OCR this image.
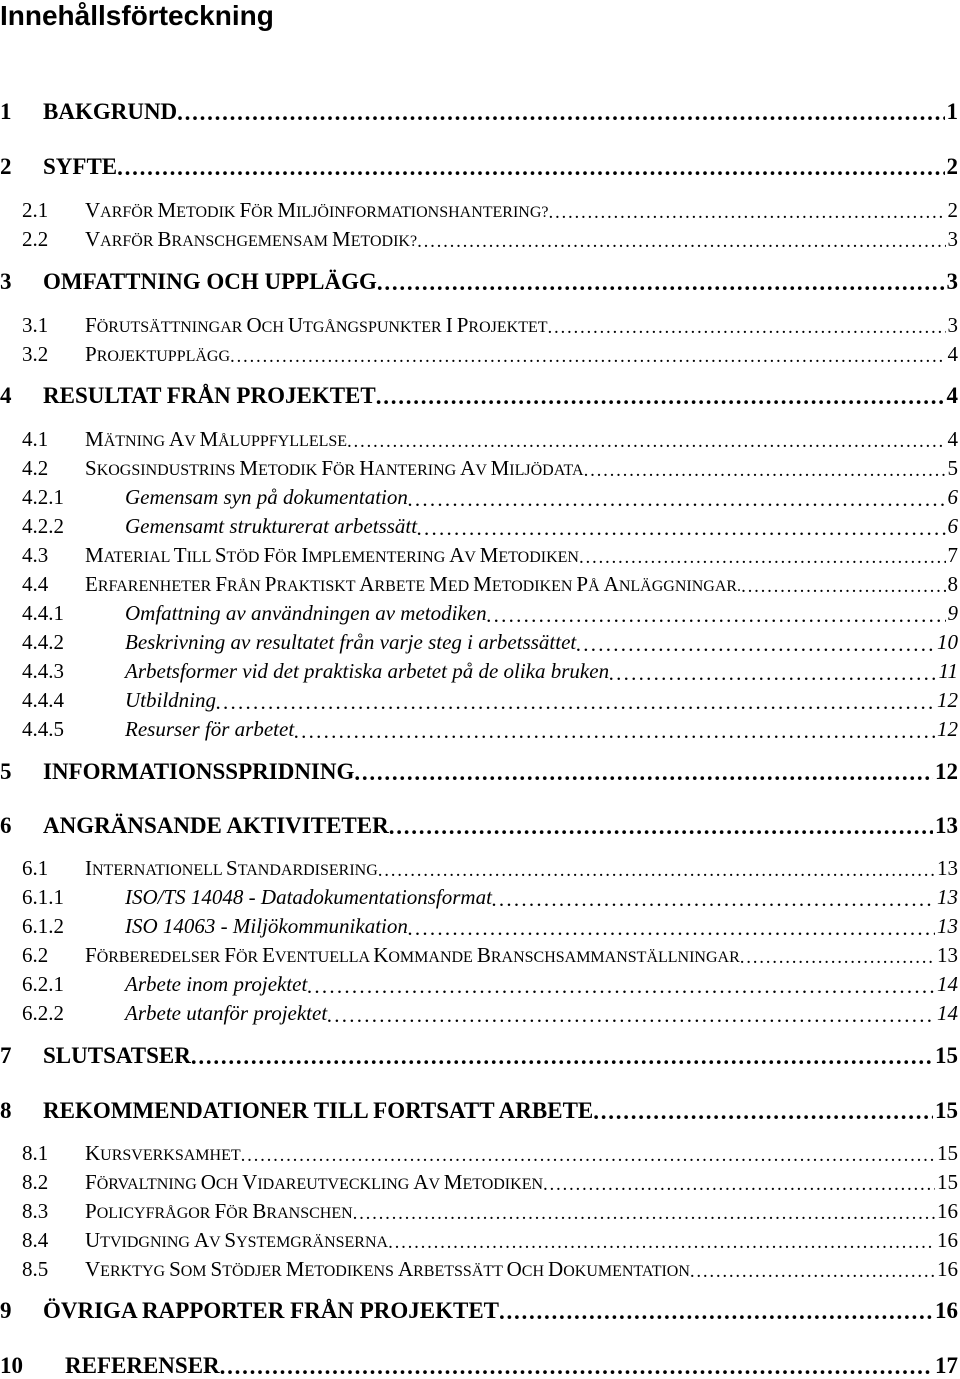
Innehållsförteckning
1	BAKGRUND . . .	1
2	SYFTE . . .	2
2.1	VARFÖR METODIK FÖR MILJÖINFORMATIONSHANTERING? . . .	2
2.2	VARFÖR BRANSCHGEMENSAM METODIK? . . .	3
3	OMFATTNING OCH UPPLÄGG . . .	3
3.1	FÖRUTSÄTTNINGAR OCH UTGÅNGSPUNKTER I PROJEKTET . . .	3
3.2	PROJEKTUPPLÄGG . . .	4
4	RESULTAT FRÅN PROJEKTET . . .	4
4.1	MÄTNING AV MÅLUPPFYLLELSE . . .	4
4.2	SKOGSINDUSTRINS METODIK FÖR HANTERING AV MILJÖDATA . . .	5
4.2.1	Gemensam syn på dokumentation . . .	6
4.2.2	Gemensamt strukturerat arbetssätt . . .	6
4.3	MATERIAL TILL STÖD FÖR IMPLEMENTERING AV METODIKEN . . .	7
4.4	ERFARENHETER FRÅN PRAKTISKT ARBETE MED METODIKEN PÅ ANLÄGGNINGAR. . . .	8
4.4.1	Omfattning av användningen av metodiken . . .	9
4.4.2	Beskrivning av resultatet från varje steg i arbetssättet . . .	10
4.4.3	Arbetsformer vid det praktiska arbetet på de olika bruken . . .	11
4.4.4	Utbildning . . .	12
4.4.5	Resurser för arbetet . . .	12
5	INFORMATIONSSPRIDNING . . .	12
6	ANGRÄNSANDE AKTIVITETER . . .	13
6.1	INTERNATIONELL STANDARDISERING . . .	13
6.1.1	ISO/TS 14048 - Datadokumentationsformat . . .	13
6.1.2	ISO 14063 - Miljökommunikation . . .	13
6.2	FÖRBEREDELSER FÖR EVENTUELLA KOMMANDE BRANSCHSAMMANSTÄLLNINGAR . . .	13
6.2.1	Arbete inom projektet . . .	14
6.2.2	Arbete utanför projektet . . .	14
7	SLUTSATSER . . .	15
8	REKOMMENDATIONER TILL FORTSATT ARBETE . . .	15
8.1	KURSVERKSAMHET . . .	15
8.2	FÖRVALTNING OCH VIDAREUTVECKLING AV METODIKEN . . .	15
8.3	POLICYFRÅGOR FÖR BRANSCHEN . . .	16
8.4	UTVIDGNING AV SYSTEMGRÄNSERNA . . .	16
8.5	VERKTYG SOM STÖDJER METODIKENS ARBETSSÄTT OCH DOKUMENTATION . . .	16
9	ÖVRIGA RAPPORTER FRÅN PROJEKTET . . .	16
10	REFERENSER . . .	17
